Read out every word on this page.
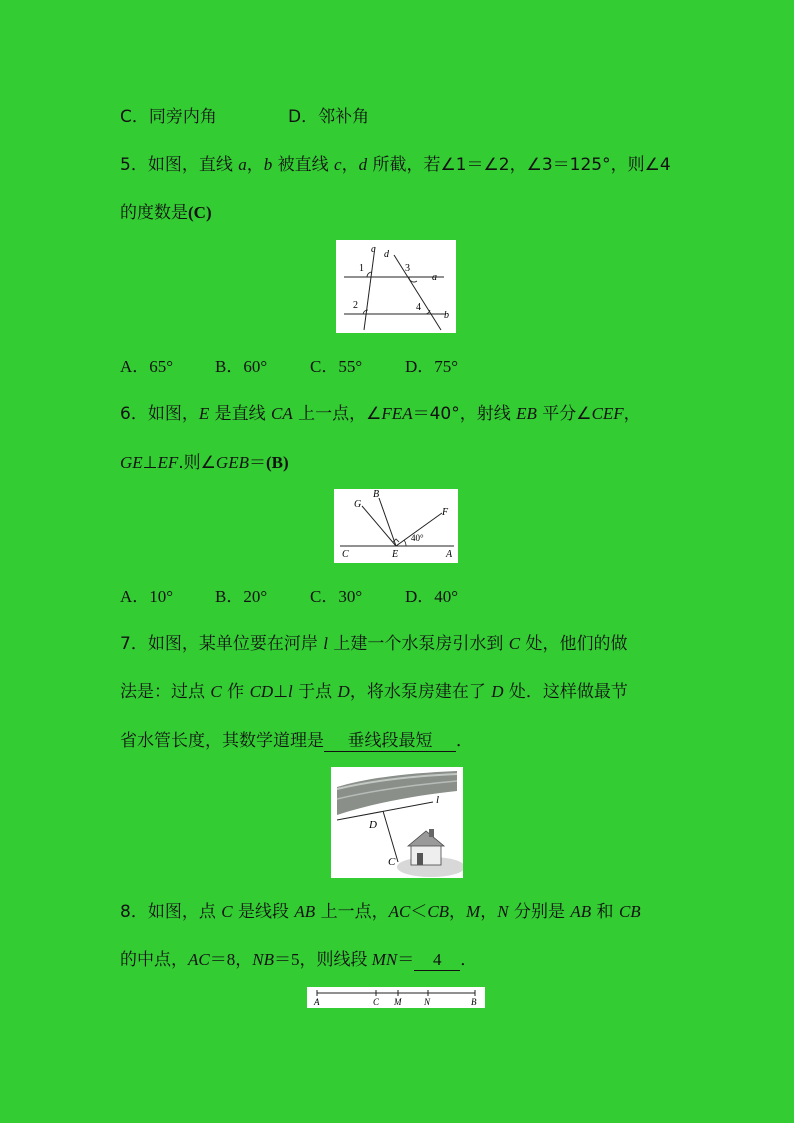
C．同旁内角	D．邻补角
5．如图，直线 a，b 被直线 c，d 所截，若∠1＝∠2，∠3＝125°，则∠4
的度数是(C)
c d
a
b
1
2
3
4
A．65° B．60°	C．55°	D．75°
6．如图，E 是直线 CA 上一点，∠FEA＝40°，射线 EB 平分∠CEF，
GE⊥EF.则∠GEB＝(B)
G
B
F
C	E	A
40°
A．10° B．20°	C．30°	D．40°
7．如图，某单位要在河岸 l 上建一个水泵房引水到 C 处，他们的做
法是：过点 C 作 CD⊥l 于点 D，将水泵房建在了 D 处．这样做最节
省水管长度，其数学道理是 垂线段最短 ．
l
D
C
8．如图，点 C 是线段 AB 上一点，AC＜CB，M，N 分别是 AB 和 CB
的中点，AC＝8，NB＝5，则线段 MN＝ 4 ．
A	C M	N	B
